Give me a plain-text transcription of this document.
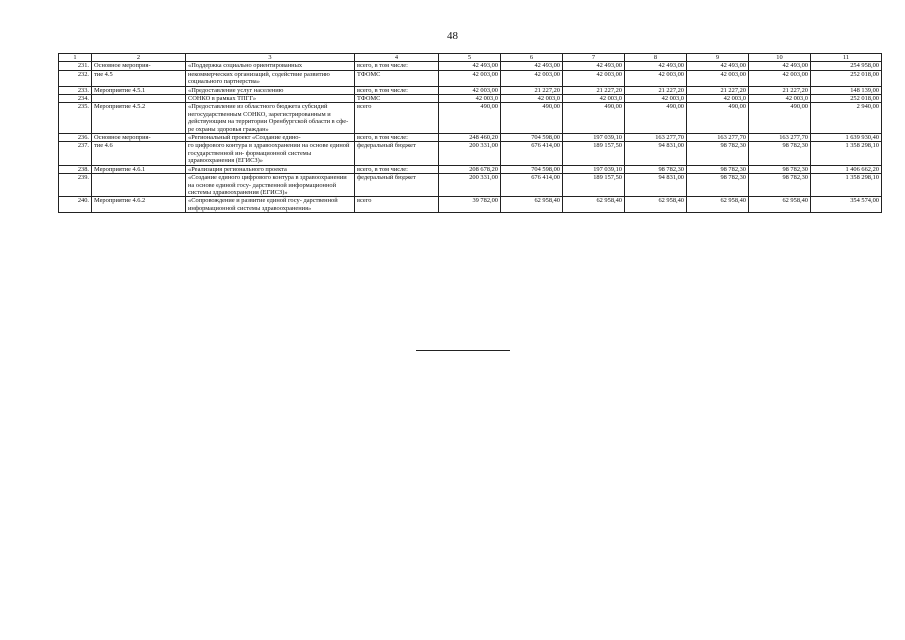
48
1	2	3	4	5	6	7	8	9	10	11
231.	Основное мероприя-	«Поддержка социально ориентированных	всего, в том числе:	42 493,00	42 493,00	42 493,00	42 493,00	42 493,00	42 493,00	254 958,00
232.	тие 4.5	некоммерческих организаций, содействие развитию социального партнерства»	ТФОМС	42 003,00	42 003,00	42 003,00	42 003,00	42 003,00	42 003,00	252 018,00
233.	Мероприятие 4.5.1	«Предоставление услуг населению	всего, в том числе:	42 003,00	21 227,20	21 227,20	21 227,20	21 227,20	21 227,20	148 139,00
234.		СОНКО в рамках ТПГГ»	ТФОМС	42 003,0	42 003,0	42 003,0	42 003,0	42 003,0	42 003,0	252 018,00
235.	Мероприятие 4.5.2	«Предоставление из областного бюджета субсидий негосударственным СОНКО, зарегистрированным и действующим на территории Оренбургской области в сфе- ре охраны здоровья граждан»	всего	490,00	490,00	490,00	490,00	490,00	490,00	2 940,00
236.	Основное мероприя-	«Региональный проект «Создание едино-	всего, в том числе:	248 460,20	704 598,00	197 039,10	163 277,70	163 277,70	163 277,70	1 639 930,40
237.	тие 4.6	го цифрового контура в здравоохранении на основе единой государственной ин- формационной системы здравоохранения (ЕГИСЗ)»	федеральный бюджет	200 331,00	676 414,00	189 157,50	94 831,00	98 782,30	98 782,30	1 358 298,10
238.	Мероприятие 4.6.1	«Реализация регионального проекта	всего, в том числе:	208 678,20	704 598,00	197 039,10	98 782,30	98 782,30	98 782,30	1 406 662,20
239.		«Создание единого цифрового контура в здравоохранении на основе единой госу- дарственной информационной системы здравоохранения (ЕГИСЗ)»	федеральный бюджет	200 331,00	676 414,00	189 157,50	94 831,00	98 782,30	98 782,30	1 358 298,10
240.	Мероприятие 4.6.2	«Сопровождение и развитие единой госу- дарственной информационной системы здравоохранения»	всего	39 782,00	62 958,40	62 958,40	62 958,40	62 958,40	62 958,40	354 574,00
